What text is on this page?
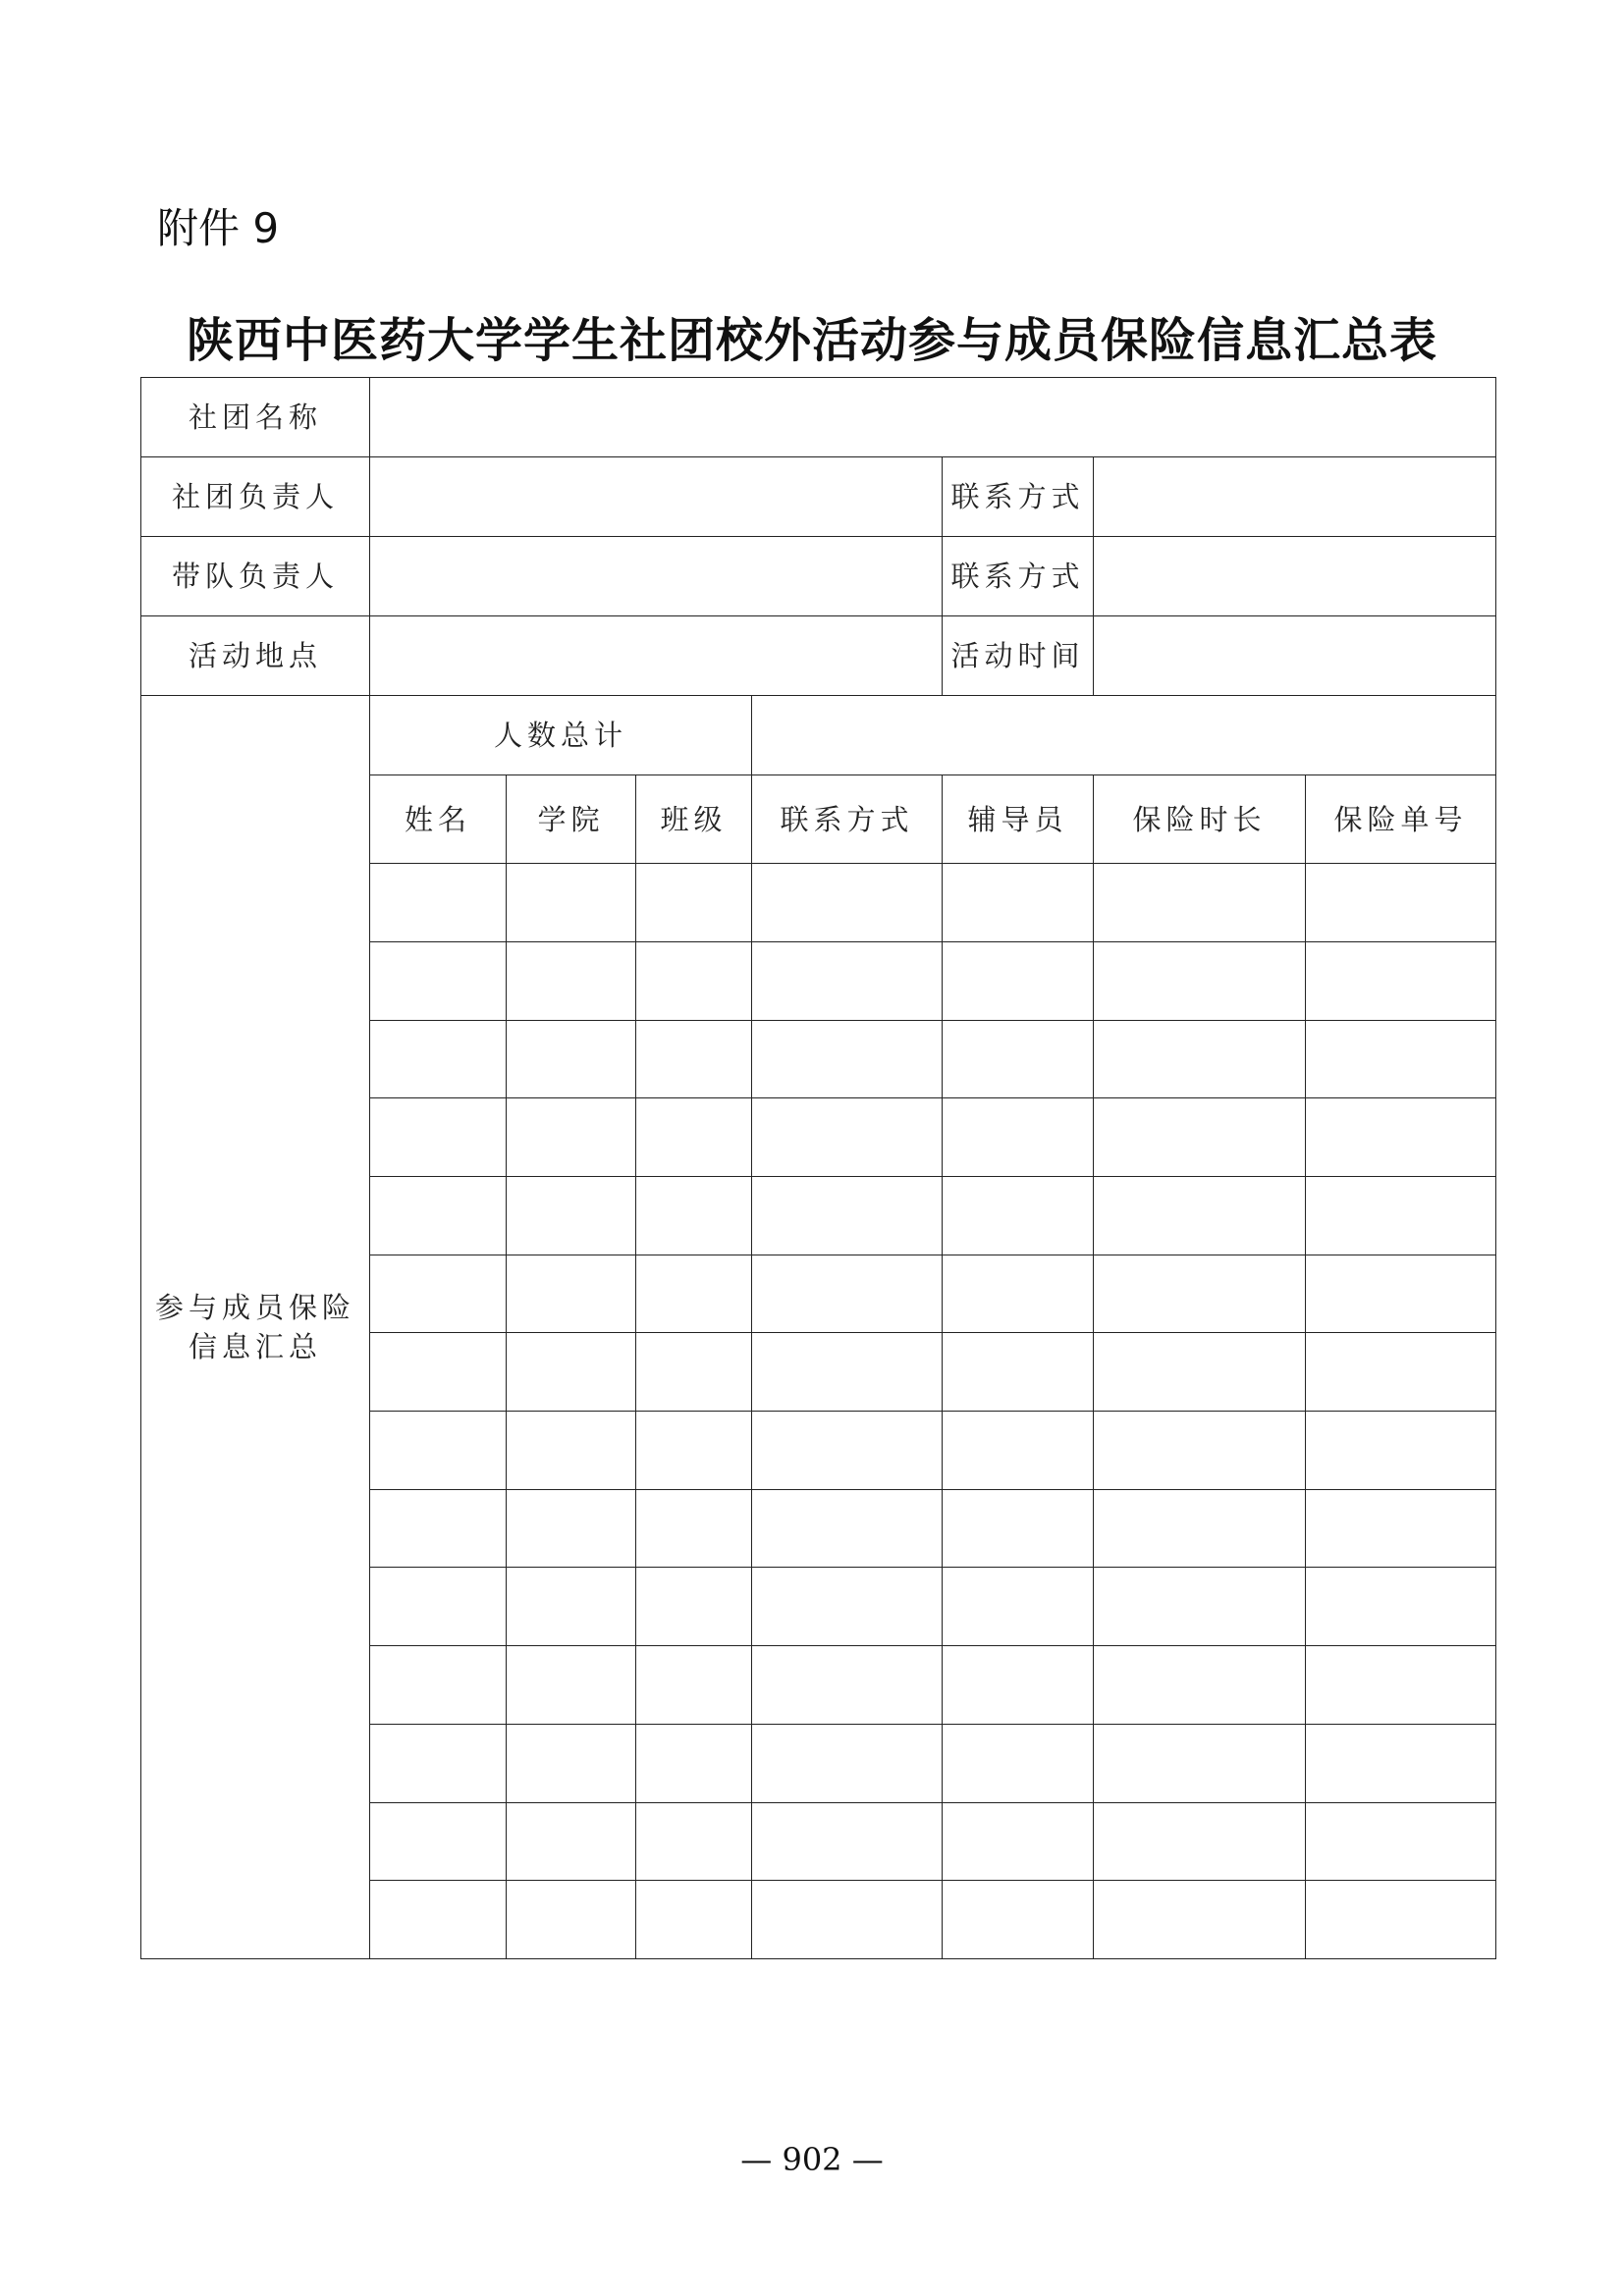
附件 9
陕西中医药大学学生社团校外活动参与成员保险信息汇总表
社团名称							
社团负责人					联系方式		
带队负责人					联系方式		
活动地点					活动时间		
参与成员保险
信息汇总	人数总计						
	姓名	学院	班级	联系方式	辅导员	保险时长	保险单号

— 902 —
